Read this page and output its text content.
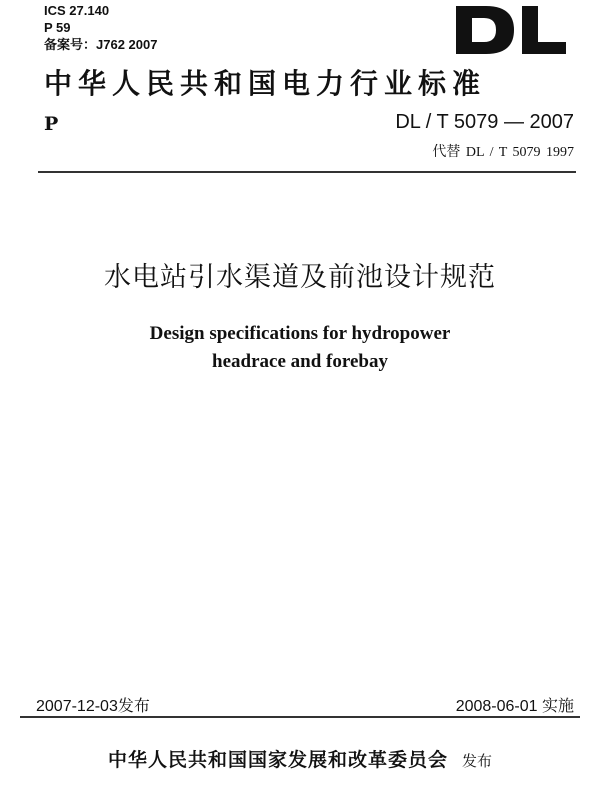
ICS 27.140
P 59
备案号：J762 2007
中华人民共和国电力行业标准
P	DL / T 5079 — 2007
代替 DL / T 5079 1997
水电站引水渠道及前池设计规范
Design specifications for hydropower
headrace and forebay
2007-12-03发布	2008-06-01 实施
中华人民共和国国家发展和改革委员会 发布
